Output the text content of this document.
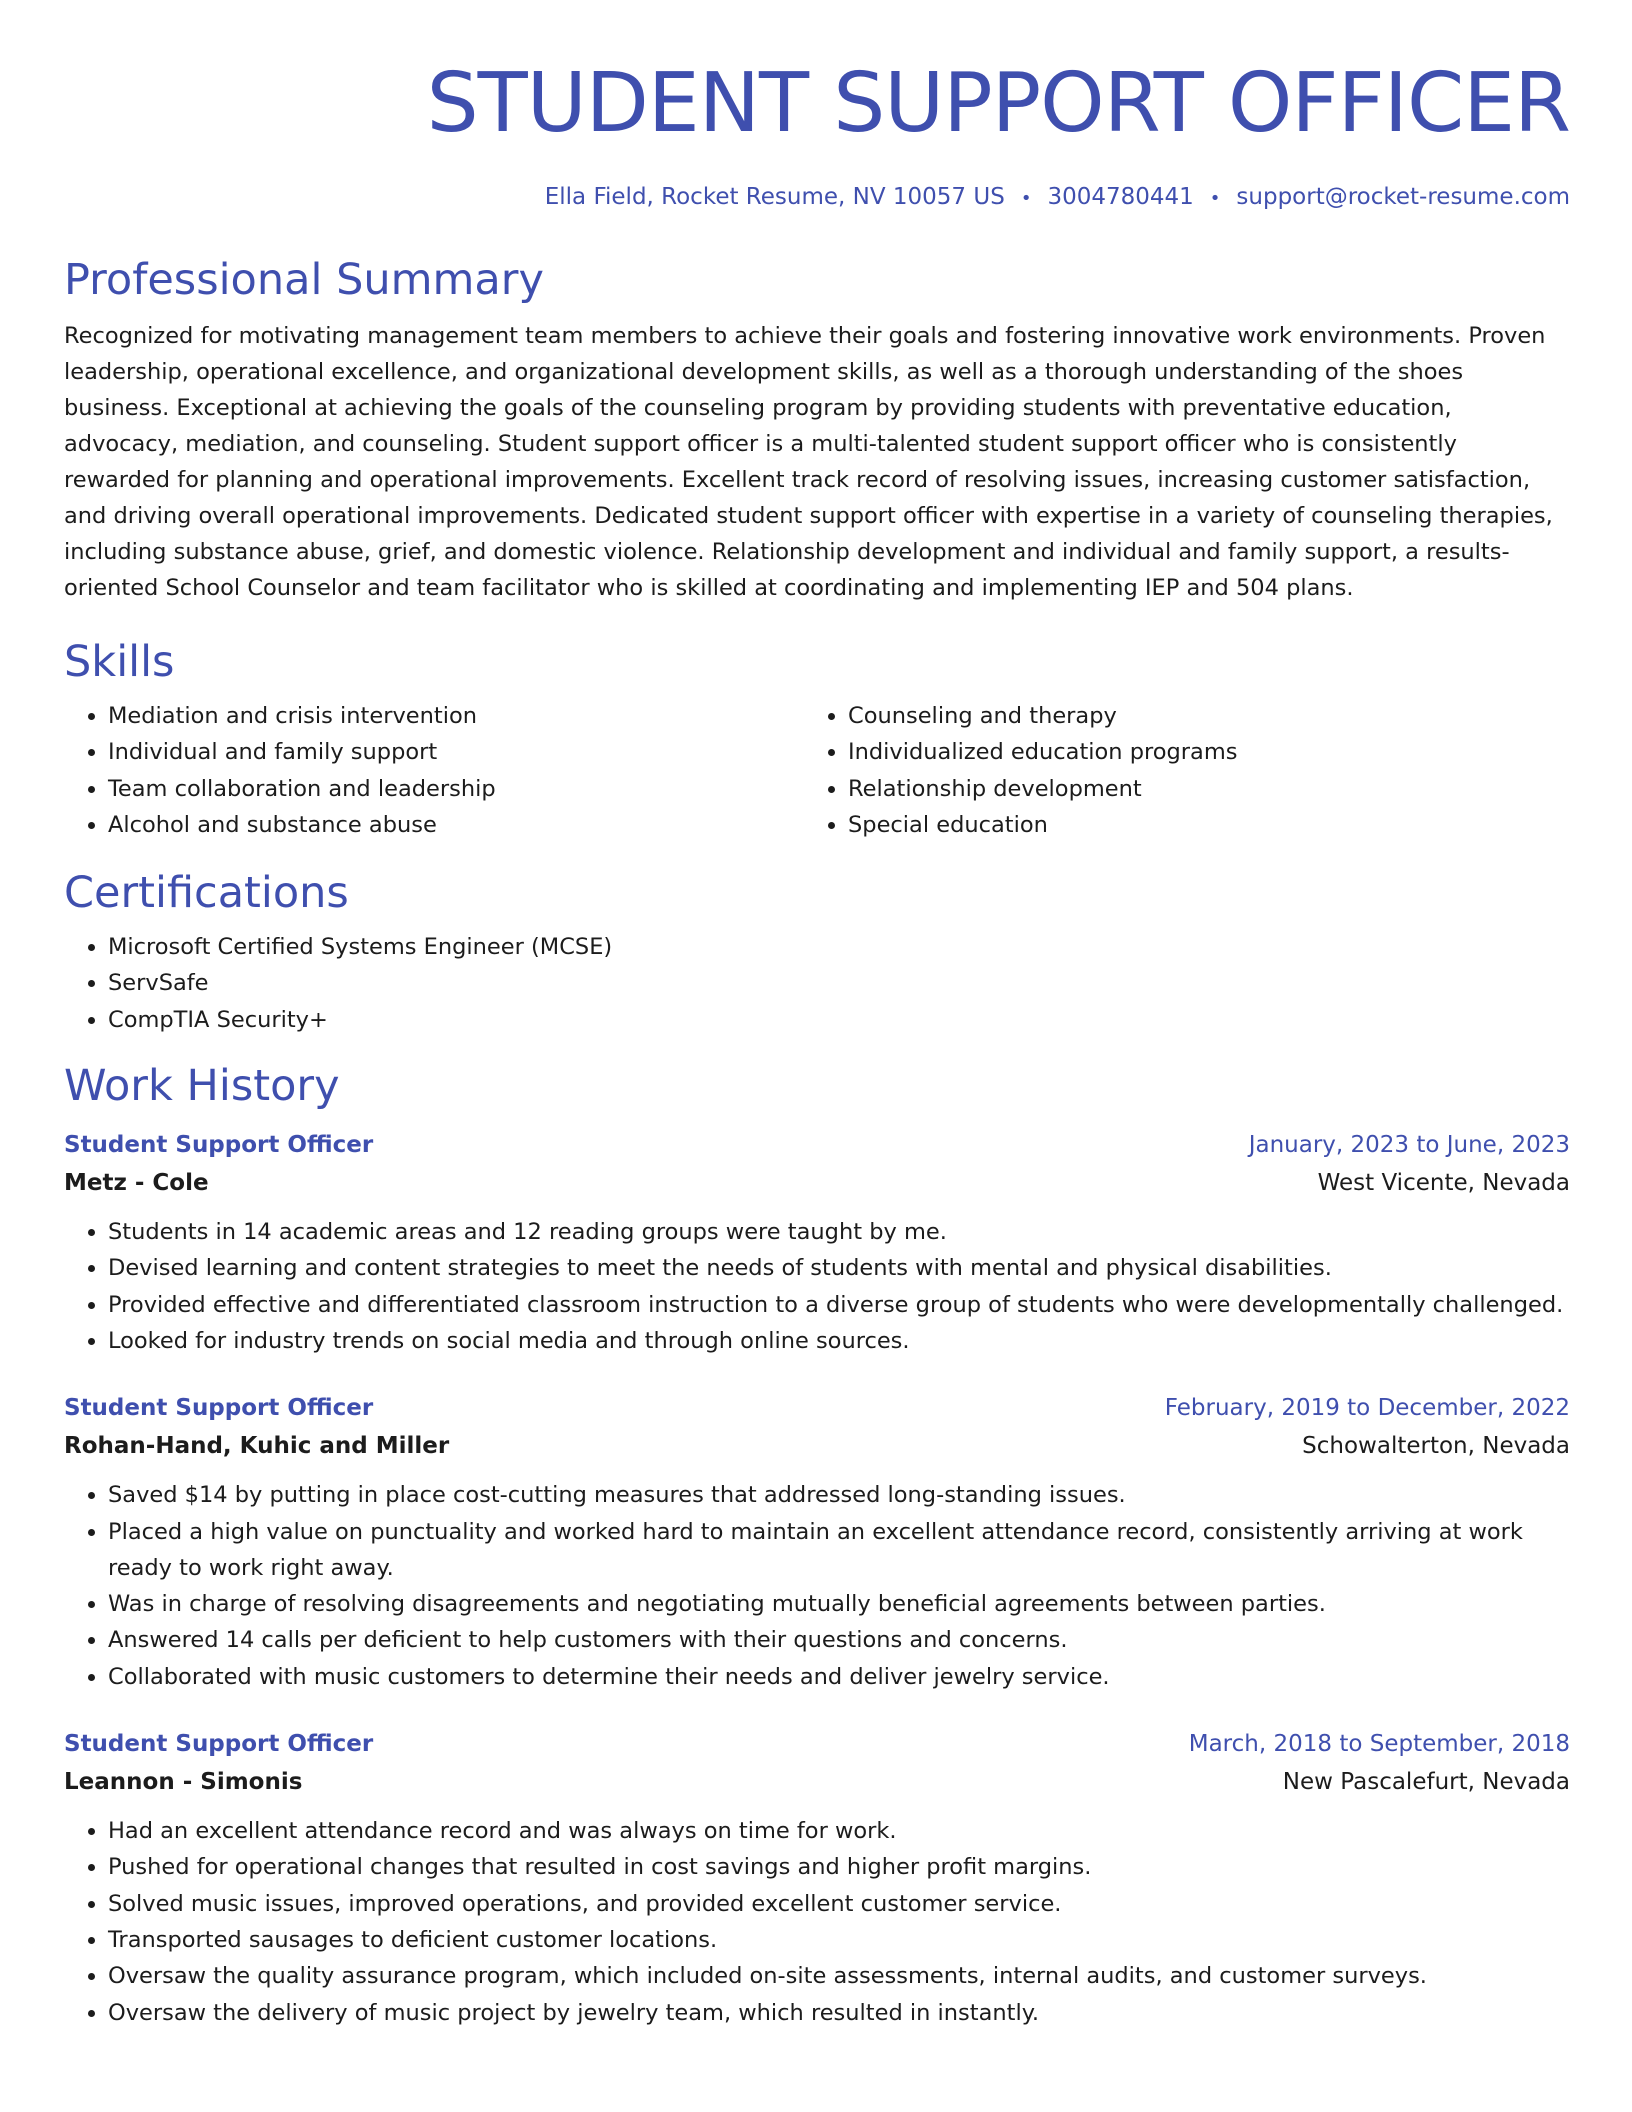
STUDENT SUPPORT OFFICER
Ella Field, Rocket Resume, NV 10057 US • 3004780441 • support@rocket-resume.com
Professional Summary

Recognized for motivating management team members to achieve their goals and fostering innovative work environments. Proven leadership, operational excellence, and organizational development skills, as well as a thorough understanding of the shoes business. Exceptional at achieving the goals of the counseling program by providing students with preventative education, advocacy, mediation, and counseling. Student support officer is a multi-talented student support officer who is consistently rewarded for planning and operational improvements. Excellent track record of resolving issues, increasing customer satisfaction, and driving overall operational improvements. Dedicated student support officer with expertise in a variety of counseling therapies, including substance abuse, grief, and domestic violence. Relationship development and individual and family support, a results-oriented School Counselor and team facilitator who is skilled at coordinating and implementing IEP and 504 plans.

Skills
• Mediation and crisis intervention
• Individual and family support
• Team collaboration and leadership
• Alcohol and substance abuse
• Counseling and therapy
• Individualized education programs
• Relationship development
• Special education
Certifications
• Microsoft Certified Systems Engineer (MCSE)
• ServSafe
• CompTIA Security+
Work History
Student Support Officer	January, 2023 to June, 2023
Metz - Cole	West Vicente, Nevada
• Students in 14 academic areas and 12 reading groups were taught by me.
• Devised learning and content strategies to meet the needs of students with mental and physical disabilities.
• Provided effective and differentiated classroom instruction to a diverse group of students who were developmentally challenged.
• Looked for industry trends on social media and through online sources.
Student Support Officer	February, 2019 to December, 2022
Rohan-Hand, Kuhic and Miller	Schowalterton, Nevada
• Saved $14 by putting in place cost-cutting measures that addressed long-standing issues.
• Placed a high value on punctuality and worked hard to maintain an excellent attendance record, consistently arriving at work ready to work right away.
• Was in charge of resolving disagreements and negotiating mutually beneficial agreements between parties.
• Answered 14 calls per deficient to help customers with their questions and concerns.
• Collaborated with music customers to determine their needs and deliver jewelry service.
Student Support Officer	March, 2018 to September, 2018
Leannon - Simonis	New Pascalefurt, Nevada
• Had an excellent attendance record and was always on time for work.
• Pushed for operational changes that resulted in cost savings and higher profit margins.
• Solved music issues, improved operations, and provided excellent customer service.
• Transported sausages to deficient customer locations.
• Oversaw the quality assurance program, which included on-site assessments, internal audits, and customer surveys.
• Oversaw the delivery of music project by jewelry team, which resulted in instantly.
